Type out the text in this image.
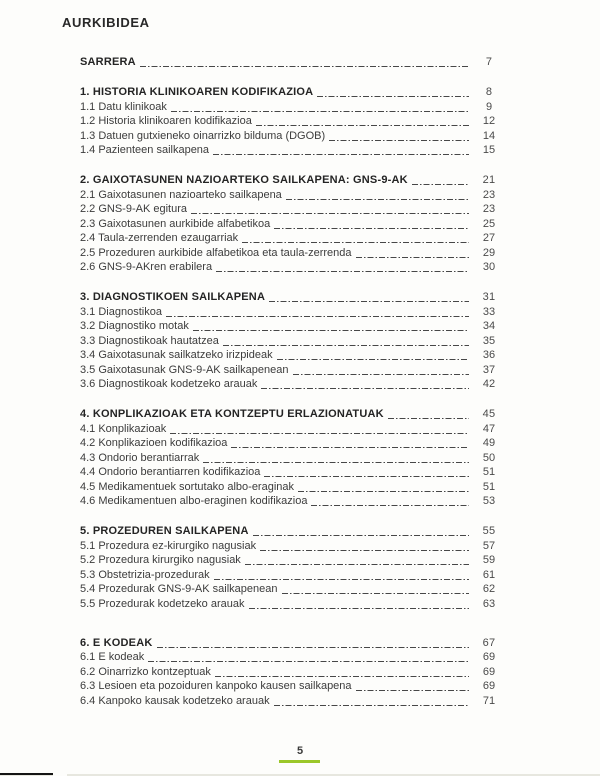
AURKIBIDEA
SARRERA	7
1. HISTORIA KLINIKOAREN KODIFIKAZIOA	8
1.1 Datu klinikoak	9
1.2 Historia klinikoaren kodifikazioa	12
1.3 Datuen gutxieneko oinarrizko bilduma (DGOB)	14
1.4 Pazienteen sailkapena	15
2. GAIXOTASUNEN NAZIOARTEKO SAILKAPENA: GNS-9-AK	21
2.1 Gaixotasunen nazioarteko sailkapena	23
2.2 GNS-9-AK egitura	23
2.3 Gaixotasunen aurkibide alfabetikoa	25
2.4 Taula-zerrenden ezaugarriak	27
2.5 Prozeduren aurkibide alfabetikoa eta taula-zerrenda	29
2.6 GNS-9-AKren erabilera	30
3. DIAGNOSTIKOEN SAILKAPENA	31
3.1 Diagnostikoa	33
3.2 Diagnostiko motak	34
3.3 Diagnostikoak hautatzea	35
3.4 Gaixotasunak sailkatzeko irizpideak	36
3.5 Gaixotasunak GNS-9-AK sailkapenean	37
3.6 Diagnostikoak kodetzeko arauak	42
4. KONPLIKAZIOAK ETA KONTZEPTU ERLAZIONATUAK	45
4.1 Konplikazioak	47
4.2 Konplikazioen kodifikazioa	49
4.3 Ondorio berantiarrak	50
4.4 Ondorio berantiarren kodifikazioa	51
4.5 Medikamentuek sortutako albo-eraginak	51
4.6 Medikamentuen albo-eraginen kodifikazioa	53
5. PROZEDUREN SAILKAPENA	55
5.1 Prozedura ez-kirurgiko nagusiak	57
5.2 Prozedura kirurgiko nagusiak	59
5.3 Obstetrizia-prozedurak	61
5.4 Prozedurak GNS-9-AK sailkapenean	62
5.5 Prozedurak kodetzeko arauak	63
6. E KODEAK	67
6.1 E kodeak	69
6.2 Oinarrizko kontzeptuak	69
6.3 Lesioen eta pozoiduren kanpoko kausen sailkapena	69
6.4 Kanpoko kausak kodetzeko arauak	71
5
